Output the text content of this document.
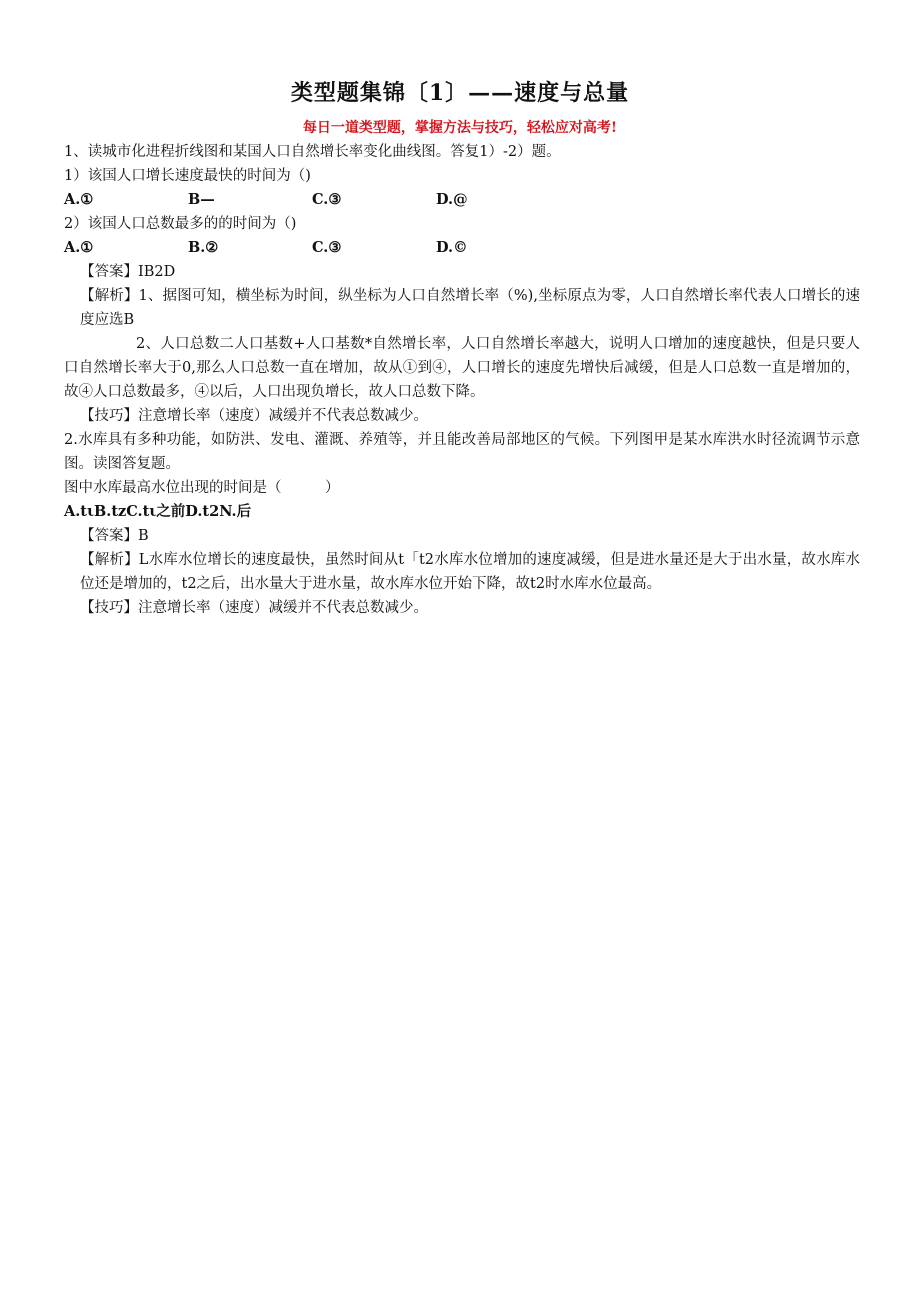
类型题集锦〔1〕——速度与总量
每日一道类型题，掌握方法与技巧，轻松应对高考!

1、读城市化进程折线图和某国人口自然增长率变化曲线图。答复1）-2）题。

1）该国人口增长速度最快的时间为（)

A.①	B—	C.③	D.@

2）该国人口总数最多的的时间为（)

A.①	B.②	C.③	D.©

【答案】IB2D

【解析】1、据图可知，横坐标为时间，纵坐标为人口自然增长率（%),坐标原点为零，人口自然增长率代表人口增长的速度应选B

2、人口总数二人口基数+人口基数*自然增长率，人口自然增长率越大，说明人口增加的速度越快，但是只要人口自然增长率大于0,那么人口总数一直在增加，故从①到④，人口增长的速度先增快后减缓，但是人口总数一直是增加的，故④人口总数最多，④以后，人口出现负增长，故人口总数下降。

【技巧】注意增长率（速度）减缓并不代表总数减少。

2.水库具有多种功能，如防洪、发电、灌溉、养殖等，并且能改善局部地区的气候。下列图甲是某水库洪水时径流调节示意图。读图答复题。

图中水库最高水位出现的时间是（　　　）

A.tιB.tzC.tι之前D.t2N.后

【答案】B

【解析】L水库水位增长的速度最快，虽然时间从t「t2水库水位增加的速度减缓，但是进水量还是大于出水量，故水库水位还是增加的，t2之后，出水量大于进水量，故水库水位开始下降，故t2时水库水位最高。

【技巧】注意增长率（速度）减缓并不代表总数减少。
